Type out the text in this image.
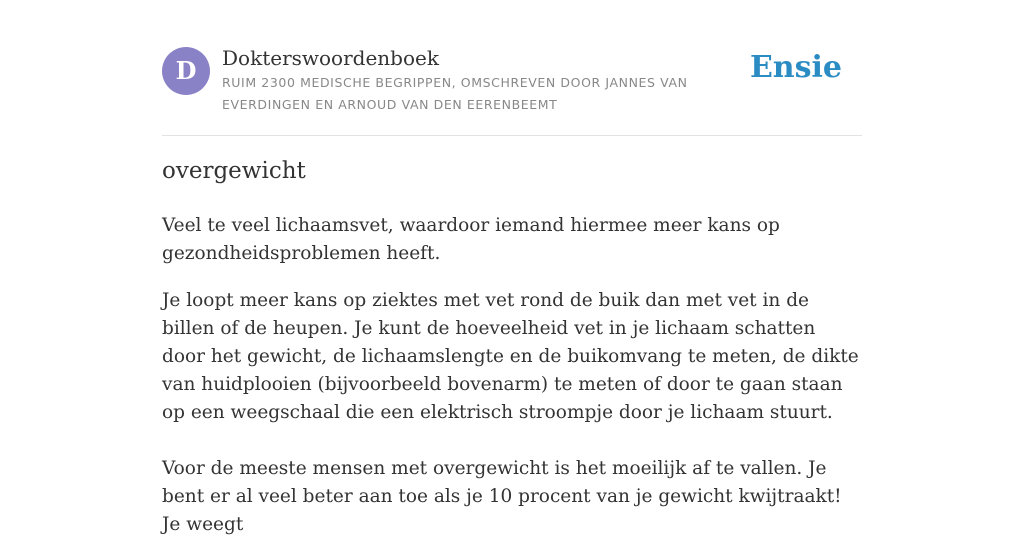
D	Dokterswoordenboek
RUIM 2300 MEDISCHE BEGRIPPEN, OMSCHREVEN DOOR JANNES VAN EVERDINGEN EN ARNOUD VAN DEN EERENBEEMT
Ensie
overgewicht

Veel te veel lichaamsvet, waardoor iemand hiermee meer kans op gezondheidsproblemen heeft.

Je loopt meer kans op ziektes met vet rond de buik dan met vet in de billen of de heupen. Je kunt de hoeveelheid vet in je lichaam schatten door het gewicht, de lichaamslengte en de buikomvang te meten, de dikte van huidplooien (bijvoorbeeld bovenarm) te meten of door te gaan staan op een weegschaal die een elektrisch stroompje door je lichaam stuurt.

Voor de meeste mensen met overgewicht is het moeilijk af te vallen. Je bent er al veel beter aan toe als je 10 procent van je gewicht kwijtraakt! Je weegt
